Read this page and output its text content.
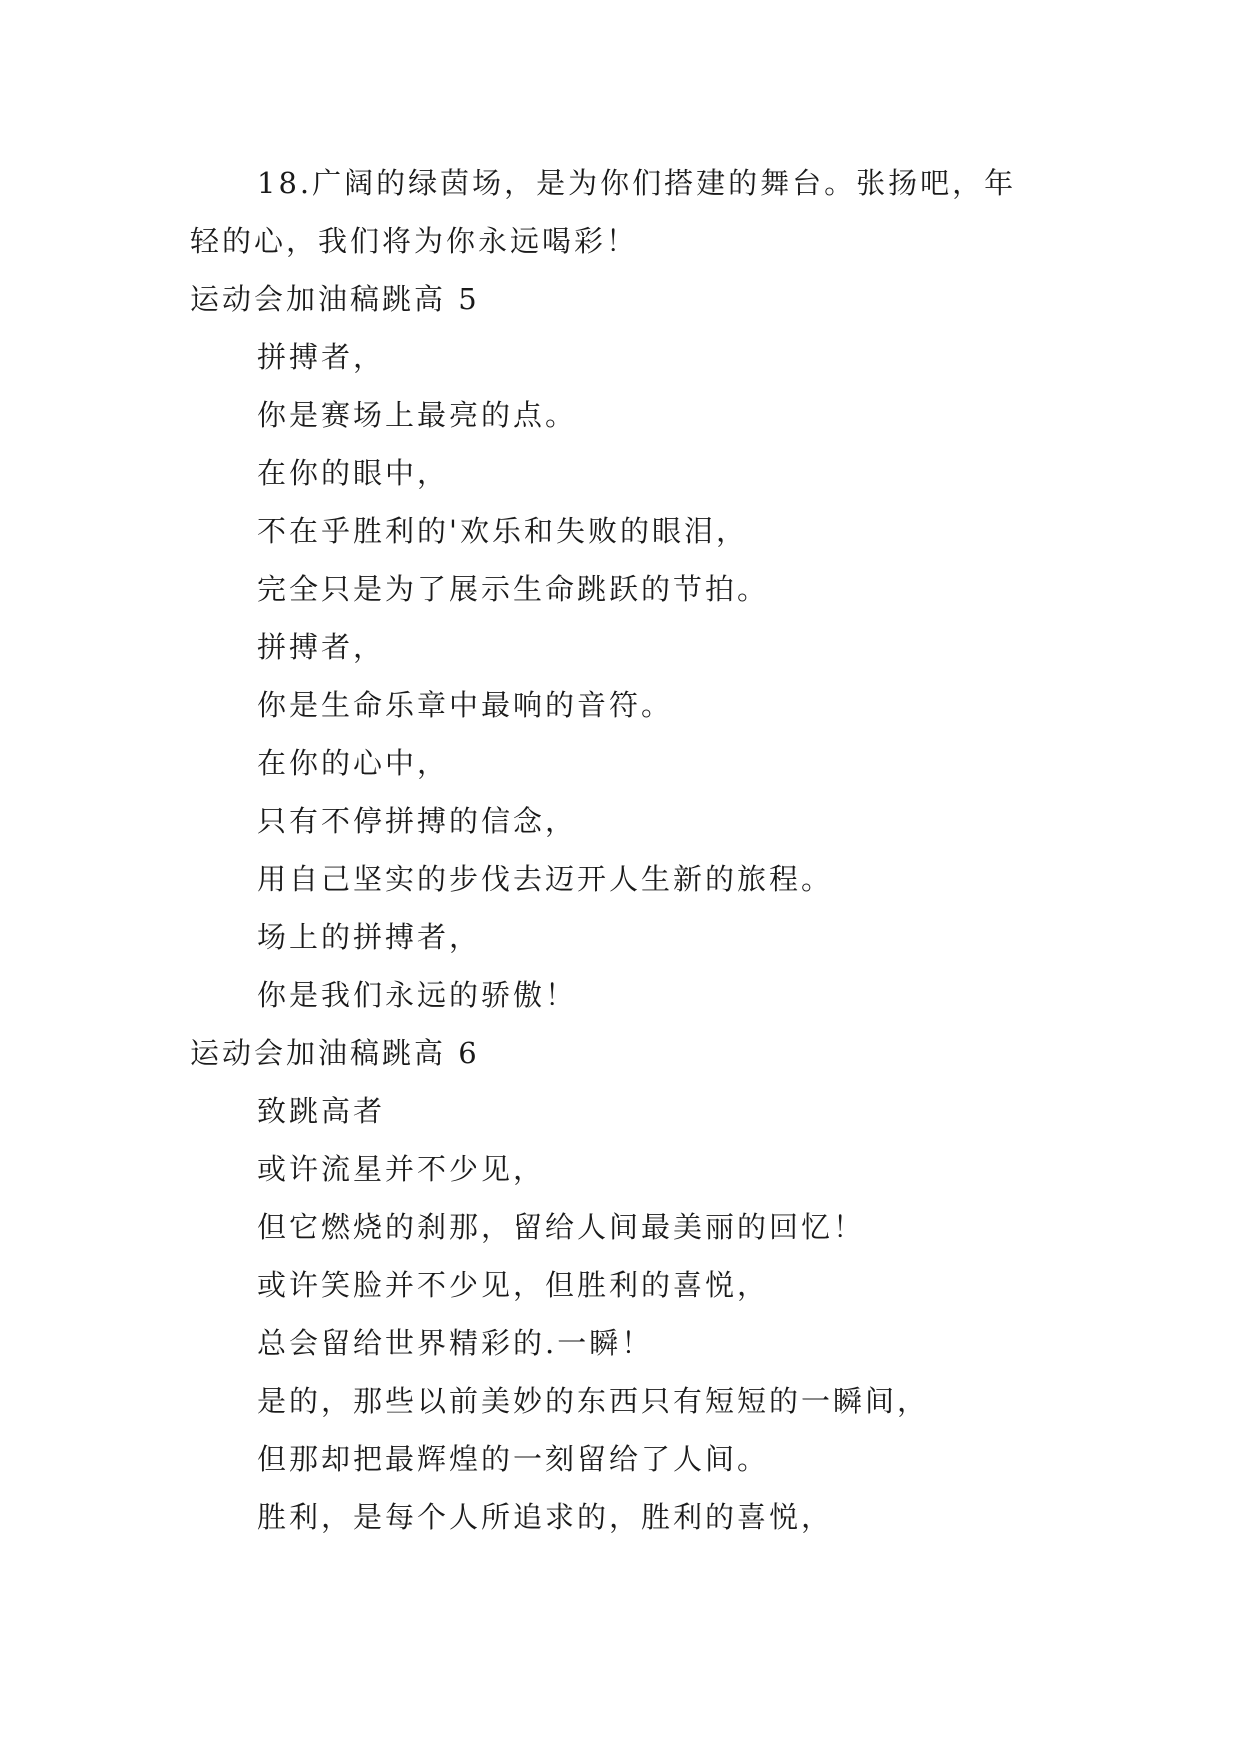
18.广阔的绿茵场，是为你们搭建的舞台。张扬吧，年
轻的心，我们将为你永远喝彩！
运动会加油稿跳高 5
拼搏者，
你是赛场上最亮的点。
在你的眼中，
不在乎胜利的'欢乐和失败的眼泪，
完全只是为了展示生命跳跃的节拍。
拼搏者，
你是生命乐章中最响的音符。
在你的心中，
只有不停拼搏的信念，
用自己坚实的步伐去迈开人生新的旅程。
场上的拼搏者，
你是我们永远的骄傲！
运动会加油稿跳高 6
致跳高者
或许流星并不少见，
但它燃烧的刹那，留给人间最美丽的回忆！
或许笑脸并不少见，但胜利的喜悦，
总会留给世界精彩的.一瞬！
是的，那些以前美妙的东西只有短短的一瞬间，
但那却把最辉煌的一刻留给了人间。
胜利，是每个人所追求的，胜利的喜悦，
